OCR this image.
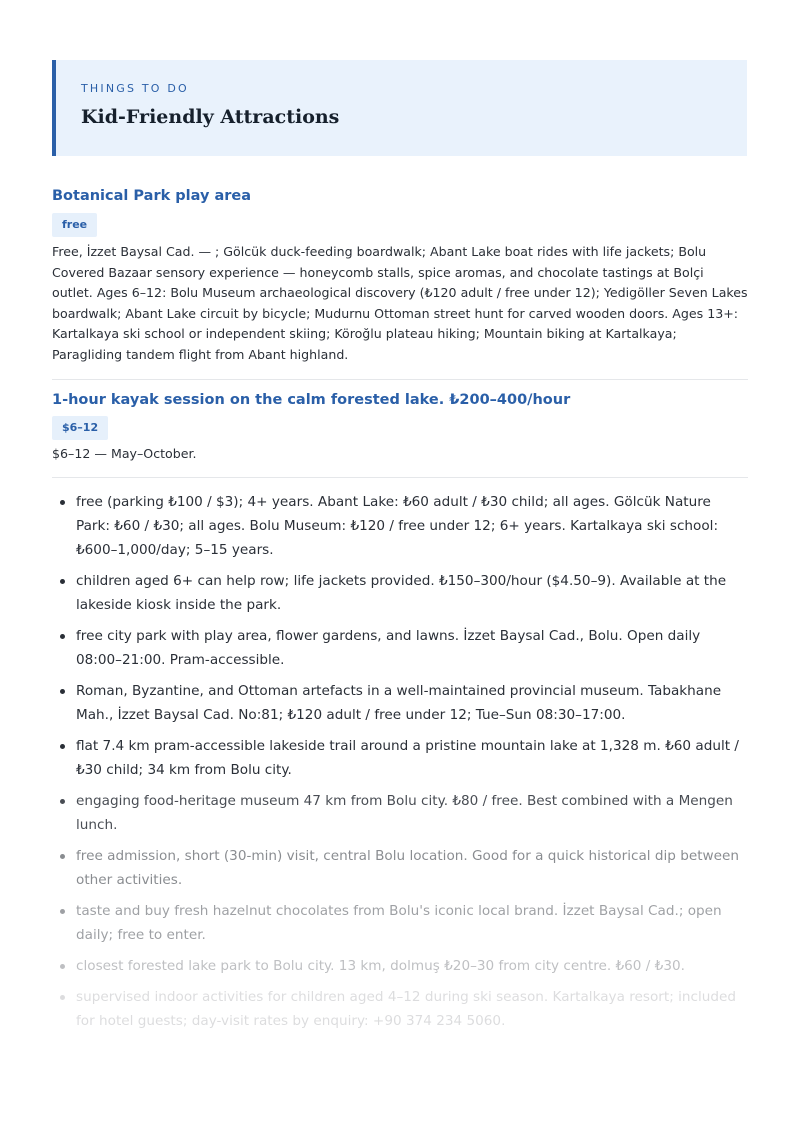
THINGS TO DO
Kid-Friendly Attractions
Botanical Park play area
free
Free, İzzet Baysal Cad. — ; Gölcük duck-feeding boardwalk; Abant Lake boat rides with life jackets; Bolu Covered Bazaar sensory experience — honeycomb stalls, spice aromas, and chocolate tastings at Bolçi outlet. Ages 6–12: Bolu Museum archaeological discovery (₺120 adult / free under 12); Yedigöller Seven Lakes boardwalk; Abant Lake circuit by bicycle; Mudurnu Ottoman street hunt for carved wooden doors. Ages 13+: Kartalkaya ski school or independent skiing; Köroğlu plateau hiking; Mountain biking at Kartalkaya; Paragliding tandem flight from Abant highland.
1-hour kayak session on the calm forested lake. ₺200–400/hour
$6–12
$6–12 — May–October.
free (parking ₺100 / $3); 4+ years. Abant Lake: ₺60 adult / ₺30 child; all ages. Gölcük Nature Park: ₺60 / ₺30; all ages. Bolu Museum: ₺120 / free under 12; 6+ years. Kartalkaya ski school: ₺600–1,000/day; 5–15 years.
children aged 6+ can help row; life jackets provided. ₺150–300/hour ($4.50–9). Available at the lakeside kiosk inside the park.
free city park with play area, flower gardens, and lawns. İzzet Baysal Cad., Bolu. Open daily 08:00–21:00. Pram-accessible.
Roman, Byzantine, and Ottoman artefacts in a well-maintained provincial museum. Tabakhane Mah., İzzet Baysal Cad. No:81; ₺120 adult / free under 12; Tue–Sun 08:30–17:00.
flat 7.4 km pram-accessible lakeside trail around a pristine mountain lake at 1,328 m. ₺60 adult / ₺30 child; 34 km from Bolu city.
engaging food-heritage museum 47 km from Bolu city. ₺80 / free. Best combined with a Mengen lunch.
free admission, short (30-min) visit, central Bolu location. Good for a quick historical dip between other activities.
taste and buy fresh hazelnut chocolates from Bolu's iconic local brand. İzzet Baysal Cad.; open daily; free to enter.
closest forested lake park to Bolu city. 13 km, dolmuş ₺20–30 from city centre. ₺60 / ₺30.
supervised indoor activities for children aged 4–12 during ski season. Kartalkaya resort; included for hotel guests; day-visit rates by enquiry: +90 374 234 5060.
